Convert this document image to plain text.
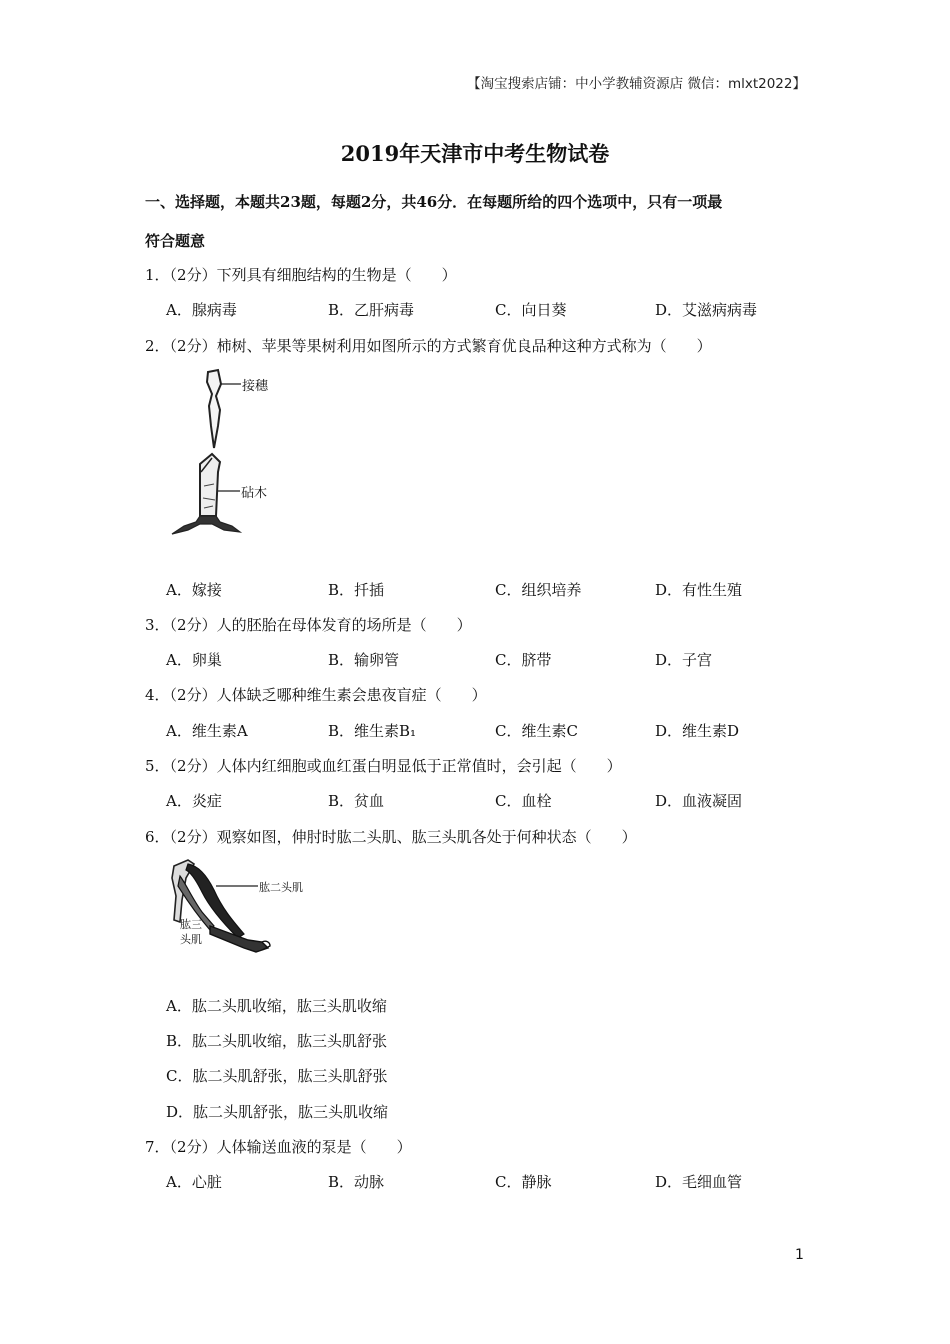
【淘宝搜索店铺：中小学教辅资源店 微信：mlxt2022】
2019年天津市中考生物试卷
一、选择题，本题共23题，每题2分，共46分．在每题所给的四个选项中，只有一项最
符合题意
1．（2分）下列具有细胞结构的生物是（　　）
A．腺病毒	B．乙肝病毒	C．向日葵	D．艾滋病病毒
2．（2分）柿树、苹果等果树利用如图所示的方式繁育优良品种这种方式称为（　　）
接穗
砧木
A．嫁接	B．扦插	C．组织培养	D．有性生殖
3．（2分）人的胚胎在母体发育的场所是（　　）
A．卵巢	B．输卵管	C．脐带	D．子宫
4．（2分）人体缺乏哪种维生素会患夜盲症（　　）
A．维生素A	B．维生素B₁	C．维生素C	D．维生素D
5．（2分）人体内红细胞或血红蛋白明显低于正常值时，会引起（　　）
A．炎症	B．贫血	C．血栓	D．血液凝固
6．（2分）观察如图，伸肘时肱二头肌、肱三头肌各处于何种状态（　　）
肱二头肌
肱三
头肌
A．肱二头肌收缩，肱三头肌收缩
B．肱二头肌收缩，肱三头肌舒张
C．肱二头肌舒张，肱三头肌舒张
D．肱二头肌舒张，肱三头肌收缩
7．（2分）人体输送血液的泵是（　　）
A．心脏	B．动脉	C．静脉	D．毛细血管
1
